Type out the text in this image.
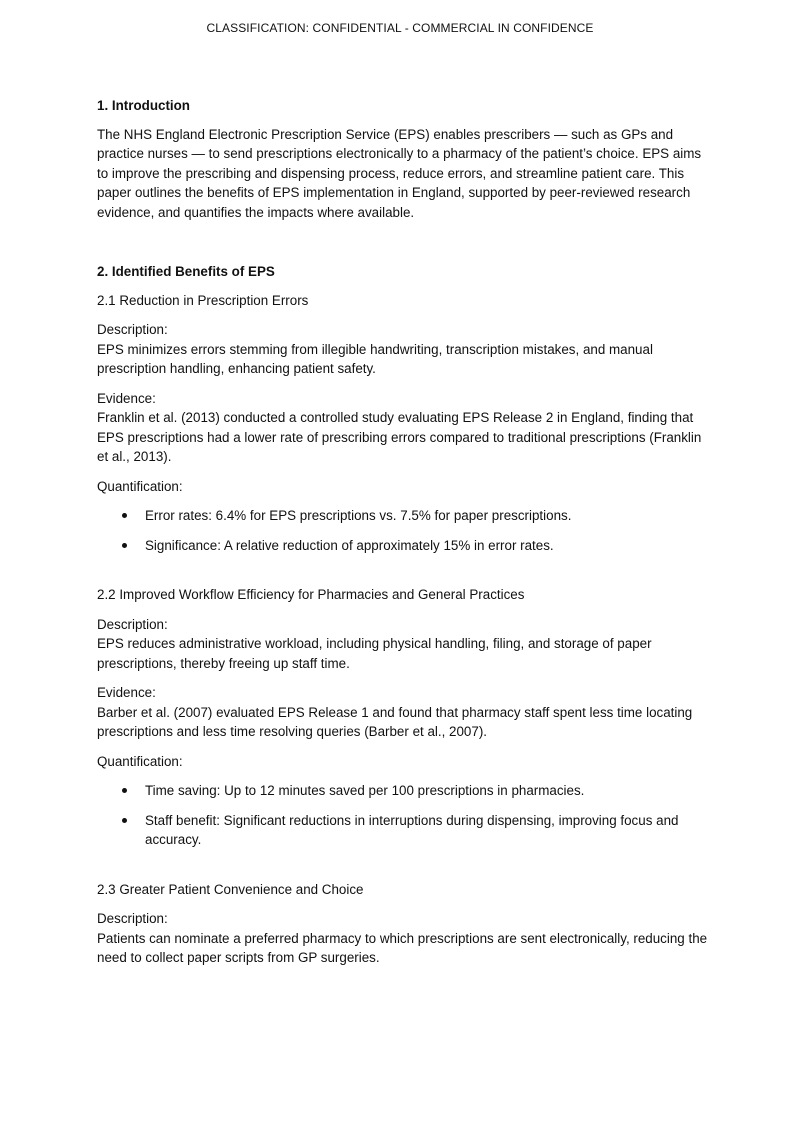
CLASSIFICATION: CONFIDENTIAL - COMMERCIAL IN CONFIDENCE
1. Introduction

The NHS England Electronic Prescription Service (EPS) enables prescribers — such as GPs and practice nurses — to send prescriptions electronically to a pharmacy of the patient’s choice. EPS aims to improve the prescribing and dispensing process, reduce errors, and streamline patient care. This paper outlines the benefits of EPS implementation in England, supported by peer-reviewed research evidence, and quantifies the impacts where available.

2. Identified Benefits of EPS
2.1 Reduction in Prescription Errors

Description:
EPS minimizes errors stemming from illegible handwriting, transcription mistakes, and manual prescription handling, enhancing patient safety.

Evidence:
Franklin et al. (2013) conducted a controlled study evaluating EPS Release 2 in England, finding that EPS prescriptions had a lower rate of prescribing errors compared to traditional prescriptions (Franklin et al., 2013).

Quantification:

Error rates: 6.4% for EPS prescriptions vs. 7.5% for paper prescriptions.
Significance: A relative reduction of approximately 15% in error rates.
2.2 Improved Workflow Efficiency for Pharmacies and General Practices

Description:
EPS reduces administrative workload, including physical handling, filing, and storage of paper prescriptions, thereby freeing up staff time.

Evidence:
Barber et al. (2007) evaluated EPS Release 1 and found that pharmacy staff spent less time locating prescriptions and less time resolving queries (Barber et al., 2007).

Quantification:

Time saving: Up to 12 minutes saved per 100 prescriptions in pharmacies.
Staff benefit: Significant reductions in interruptions during dispensing, improving focus and accuracy.
2.3 Greater Patient Convenience and Choice

Description:
Patients can nominate a preferred pharmacy to which prescriptions are sent electronically, reducing the need to collect paper scripts from GP surgeries.
